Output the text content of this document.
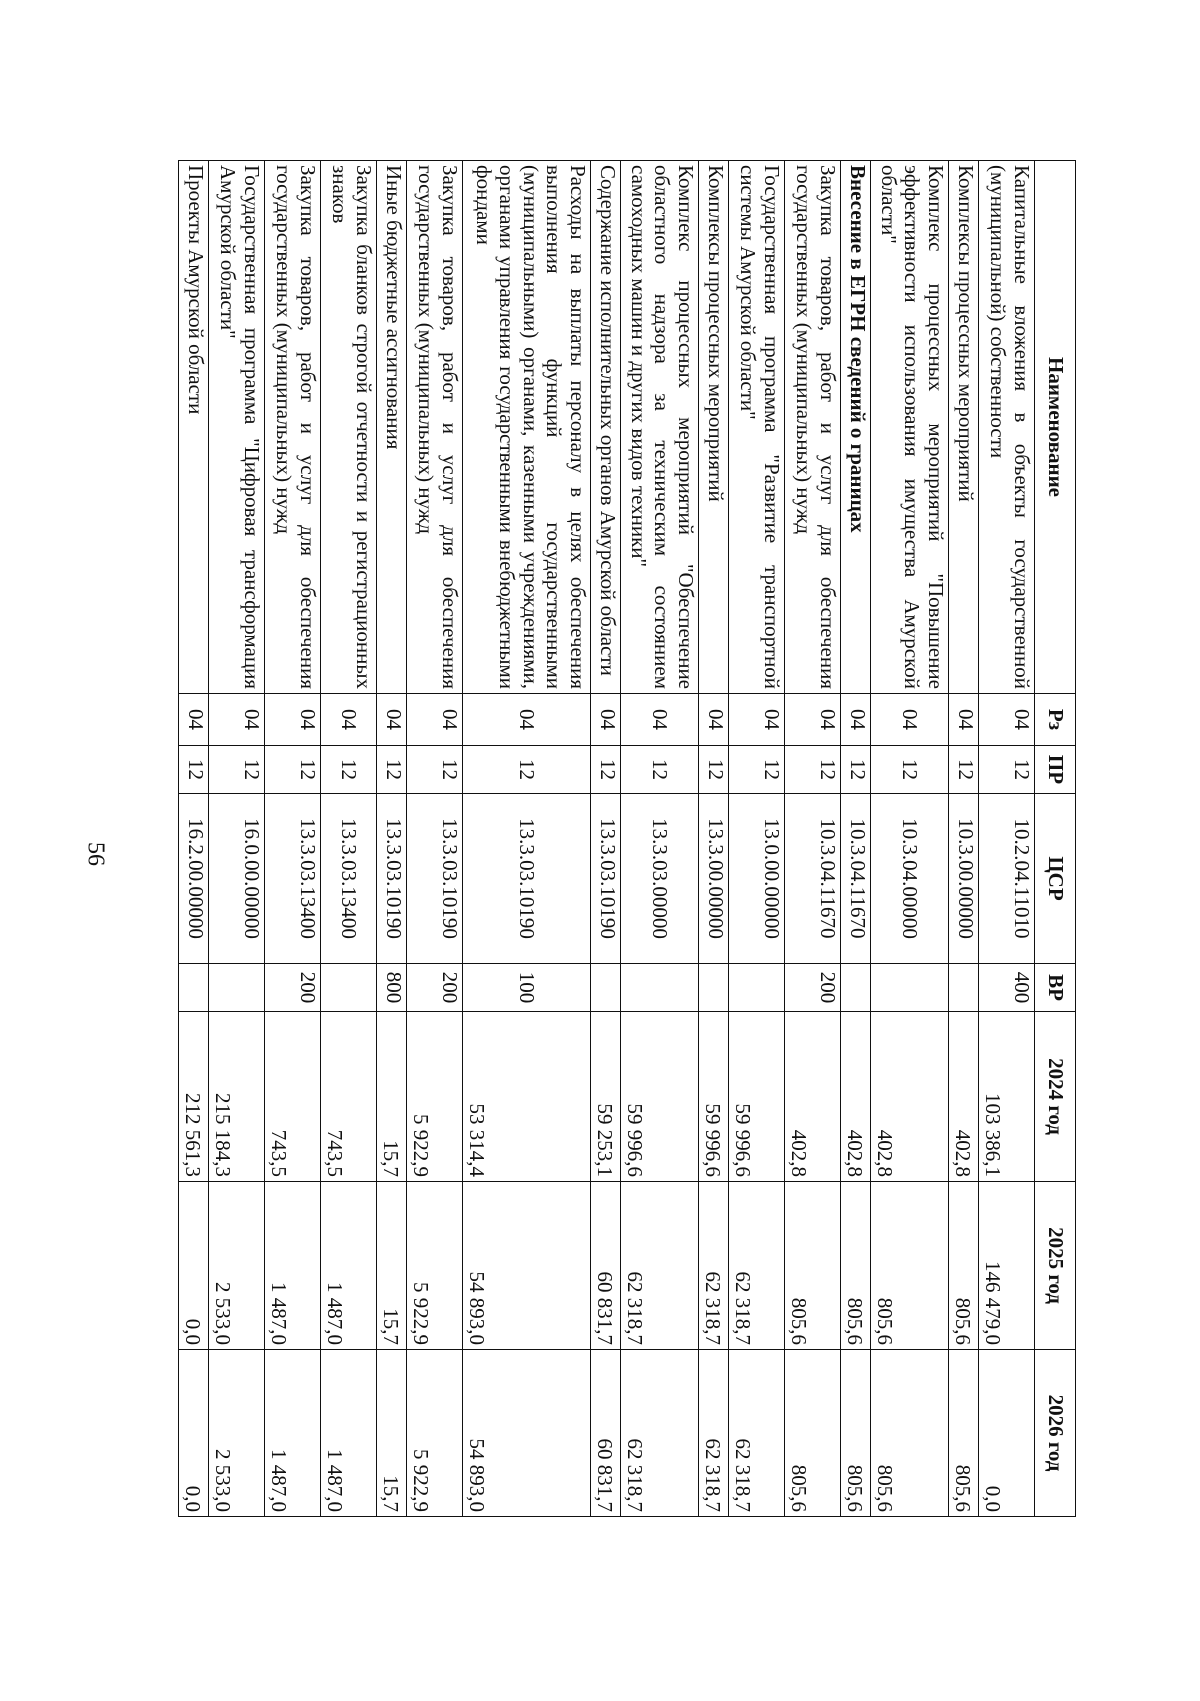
56
Наименование	Рз	ПР	ЦСР	ВР	2024 год	2025 год	2026 год
Капитальные вложения в объекты государственной (муниципальной) собственности	04	12	10.2.04.11010	400	103 386,1	146 479,0	0,0
Комплексы процессных мероприятий	04	12	10.3.00.00000		402,8	805,6	805,6
Комплекс процессных мероприятий "Повышение эффективности использования имущества Амурской области"	04	12	10.3.04.00000		402,8	805,6	805,6
Внесение в ЕГРН сведений о границах	04	12	10.3.04.11670		402,8	805,6	805,6
Закупка товаров, работ и услуг для обеспечения государственных (муниципальных) нужд	04	12	10.3.04.11670	200	402,8	805,6	805,6
Государственная программа "Развитие транспортной системы Амурской области"	04	12	13.0.00.00000		59 996,6	62 318,7	62 318,7
Комплексы процессных мероприятий	04	12	13.3.00.00000		59 996,6	62 318,7	62 318,7
Комплекс процессных мероприятий "Обеспечение областного надзора за техническим состоянием самоходных машин и других видов техники"	04	12	13.3.03.00000		59 996,6	62 318,7	62 318,7
Содержание исполнительных органов Амурской области	04	12	13.3.03.10190		59 253,1	60 831,7	60 831,7
Расходы на выплаты персоналу в целях обеспечения выполнения функций государственными (муниципальными) органами, казенными учреждениями, органами управления государственными внебюджетными фондами	04	12	13.3.03.10190	100	53 314,4	54 893,0	54 893,0
Закупка товаров, работ и услуг для обеспечения государственных (муниципальных) нужд	04	12	13.3.03.10190	200	5 922,9	5 922,9	5 922,9
Иные бюджетные ассигнования	04	12	13.3.03.10190	800	15,7	15,7	15,7
Закупка бланков строгой отчетности и регистрационных знаков	04	12	13.3.03.13400		743,5	1 487,0	1 487,0
Закупка товаров, работ и услуг для обеспечения государственных (муниципальных) нужд	04	12	13.3.03.13400	200	743,5	1 487,0	1 487,0
Государственная программа "Цифровая трансформация Амурской области"	04	12	16.0.00.00000		215 184,3	2 533,0	2 533,0
Проекты Амурской области	04	12	16.2.00.00000		212 561,3	0,0	0,0
